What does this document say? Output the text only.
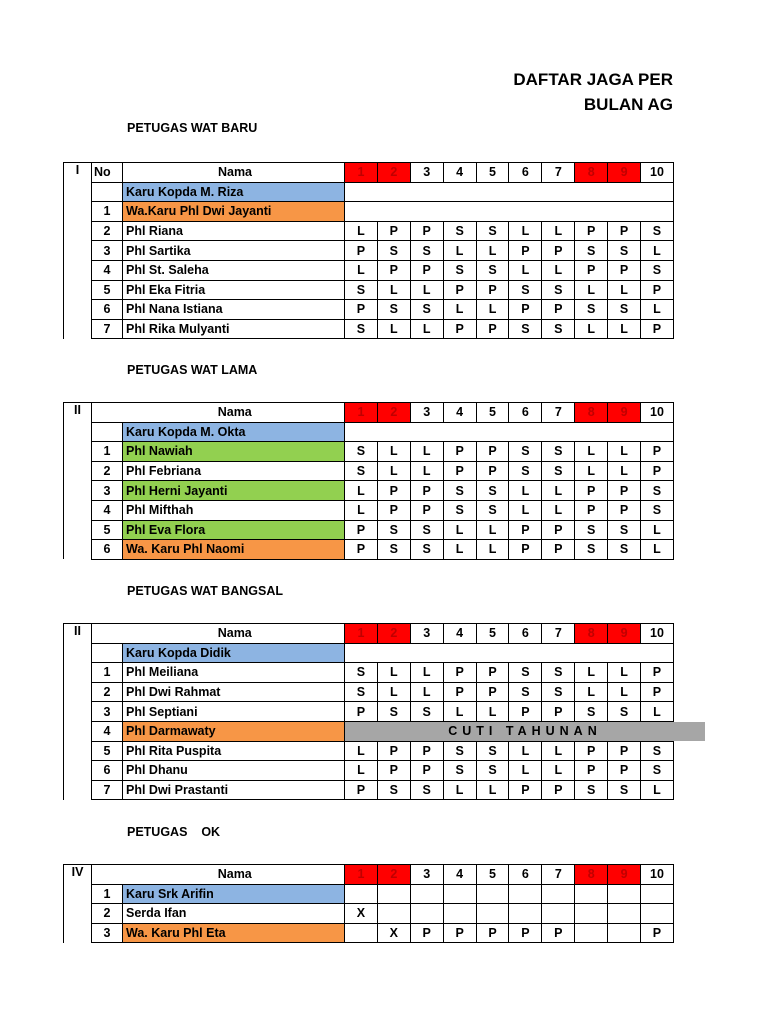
DAFTAR JAGA PER
BULAN AG
PETUGAS WAT BARU
I	No	Nama	1	2	3	4	5	6	7	8	9	10
		Karu Kopda M. Riza										
	1	Wa.Karu Phl Dwi Jayanti										
	2	Phl Riana	L	P	P	S	S	L	L	P	P	S
	3	Phl Sartika	P	S	S	L	L	P	P	S	S	L
	4	Phl St. Saleha	L	P	P	S	S	L	L	P	P	S
	5	Phl Eka Fitria	S	L	L	P	P	S	S	L	L	P
	6	Phl Nana Istiana	P	S	S	L	L	P	P	S	S	L
	7	Phl Rika Mulyanti	S	L	L	P	P	S	S	L	L	P
PETUGAS WAT LAMA
II		Nama	1	2	3	4	5	6	7	8	9	10
		Karu Kopda M. Okta										
	1	Phl Nawiah	S	L	L	P	P	S	S	L	L	P
	2	Phl Febriana	S	L	L	P	P	S	S	L	L	P
	3	Phl Herni Jayanti	L	P	P	S	S	L	L	P	P	S
	4	Phl Mifthah	L	P	P	S	S	L	L	P	P	S
	5	Phl Eva Flora	P	S	S	L	L	P	P	S	S	L
	6	Wa. Karu Phl Naomi	P	S	S	L	L	P	P	S	S	L
PETUGAS WAT BANGSAL
II		Nama	1	2	3	4	5	6	7	8	9	10
		Karu Kopda Didik										
	1	Phl Meiliana	S	L	L	P	P	S	S	L	L	P
	2	Phl Dwi Rahmat	S	L	L	P	P	S	S	L	L	P
	3	Phl Septiani	P	S	S	L	L	P	P	S	S	L
	4	Phl Darmawaty	CUTI TAHUNAN									

	5	Phl Rita Puspita	L	P	P	S	S	L	L	P	P	S
	6	Phl Dhanu	L	P	P	S	S	L	L	P	P	S
	7	Phl Dwi Prastanti	P	S	S	L	L	P	P	S	S	L
PETUGAS    OK
IV		Nama	1	2	3	4	5	6	7	8	9	10
	1	Karu Srk Arifin										
	2	Serda Ifan	X									
	3	Wa. Karu Phl Eta		X	P	P	P	P	P			P
